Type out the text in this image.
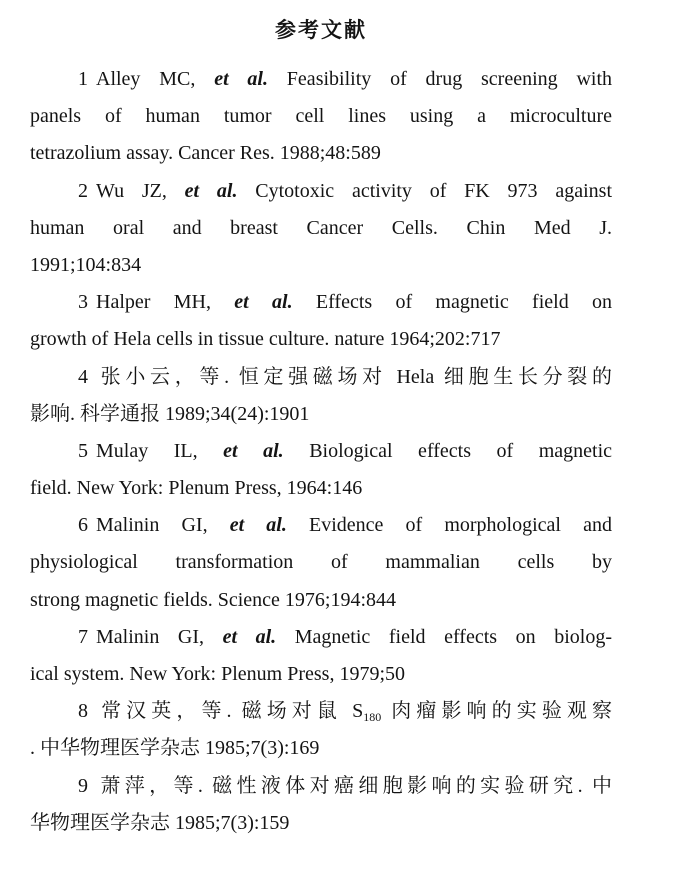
参考文献
1 Alley MC, et al. Feasibility of drug screening with
panels of human tumor cell lines using a microculture
tetrazolium assay. Cancer Res. 1988;48:589
2 Wu JZ, et al. Cytotoxic activity of FK 973 against
human oral and breast Cancer Cells. Chin Med J.
1991;104:834
3 Halper MH, et al. Effects of magnetic field on
growth of Hela cells in tissue culture. nature 1964;202:717
4 张小云，等. 恒定强磁场对 Hela 细胞生长分裂的
影响. 科学通报 1989;34(24):1901
5 Mulay IL, et al. Biological effects of magnetic
field. New York: Plenum Press, 1964:146
6 Malinin GI, et al. Evidence of morphological and
physiological transformation of mammalian cells by
strong magnetic fields. Science 1976;194:844
7 Malinin GI, et al. Magnetic field effects on biolog-
ical system. New York: Plenum Press, 1979;50
8 常汉英，等. 磁场对鼠 $S_{180}$ 肉瘤影响的实验观察
. 中华物理医学杂志 1985;7(3):169
9 萧萍，等. 磁性液体对癌细胞影响的实验研究. 中
华物理医学杂志 1985;7(3):159
